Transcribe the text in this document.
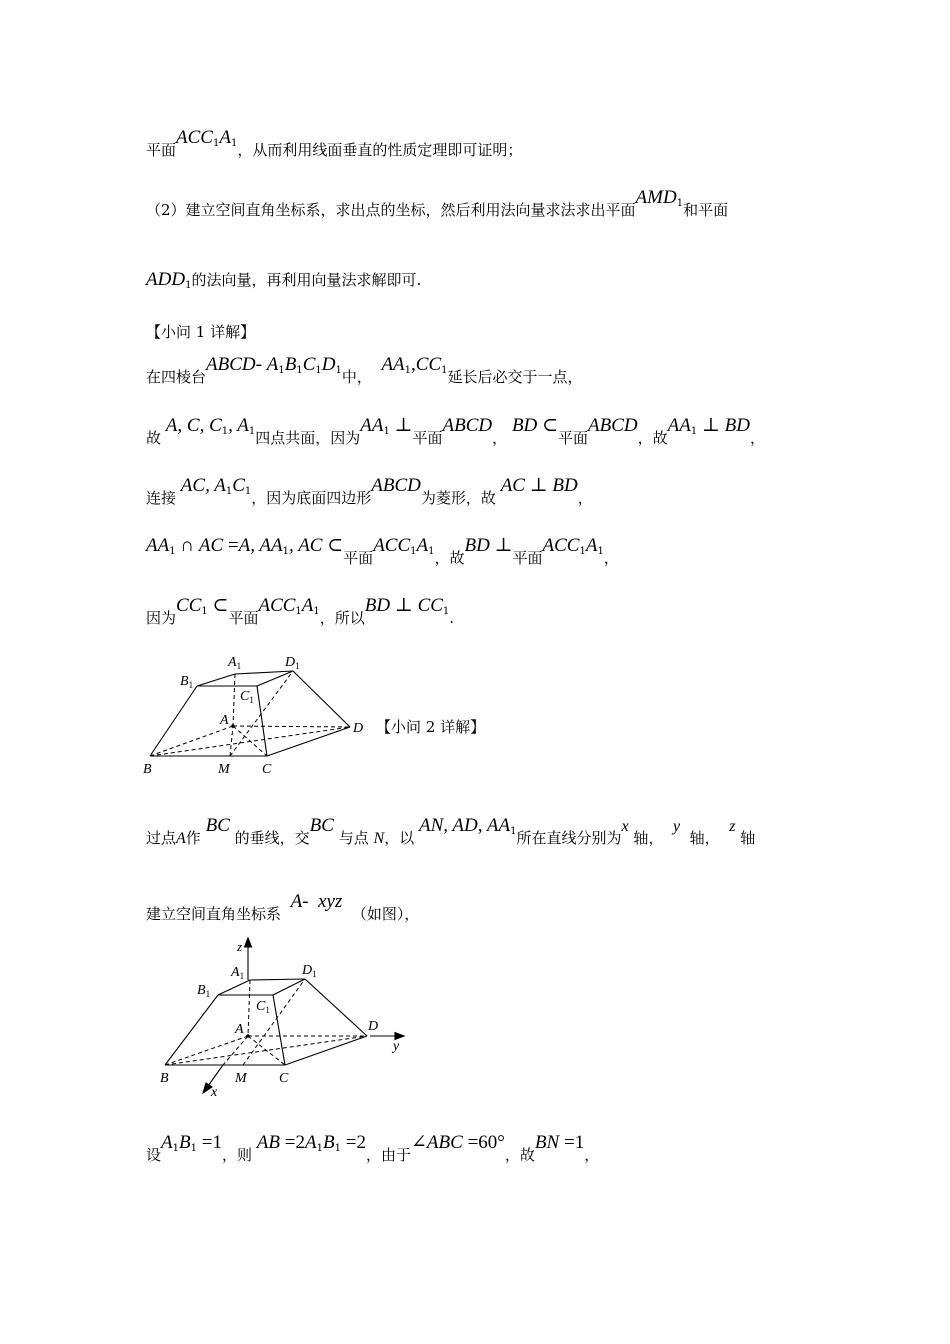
平面$ACC_1A_1$，从而利用线面垂直的性质定理即可证明；
（2）建立空间直角坐标系，求出点的坐标，然后利用法向量求法求出平面$AMD_1$和平面
$ADD_1$的法向量，再利用向量法求解即可.
【小问 1 详解】
在四棱台ABCD- $A_1B_1C_1D_1$中，  $AA_1,CC_1$延长后必交于一点，
故 A, C, $C_1$, $A_1$四点共面，因为$AA_1$ ⊥平面ABCD， BD ⊂平面ABCD，故$AA_1$ ⊥ BD，
连接 AC, $A_1C_1$，因为底面四边形ABCD为菱形，故 AC ⊥ BD，
$AA_1$ ∩ AC =A, $AA_1$, AC ⊂平面$ACC_1A_1$，故BD ⊥平面$ACC_1A_1$，
因为$CC_1$ ⊂平面$ACC_1A_1$，所以BD ⊥ $CC_1$.
$B_1$
$A_1$	$D_1$
$C_1$
A
D
B	M C
【小问 2 详解】
过点A作 BC 的垂线，交BC 与点 N，以 AN, AD, $AA_1$所在直线分别为x 轴，  y  轴，  z 轴
建立空间直角坐标系  A- xyz  （如图），
z
$A_1$	$D_1$
$B_1$
$C_1$
A	D
y
B	M C
x
设$A_1B_1 =1$，则 AB $=2A_1B_1 =2$，由于∠ABC =60°，故BN =1，
